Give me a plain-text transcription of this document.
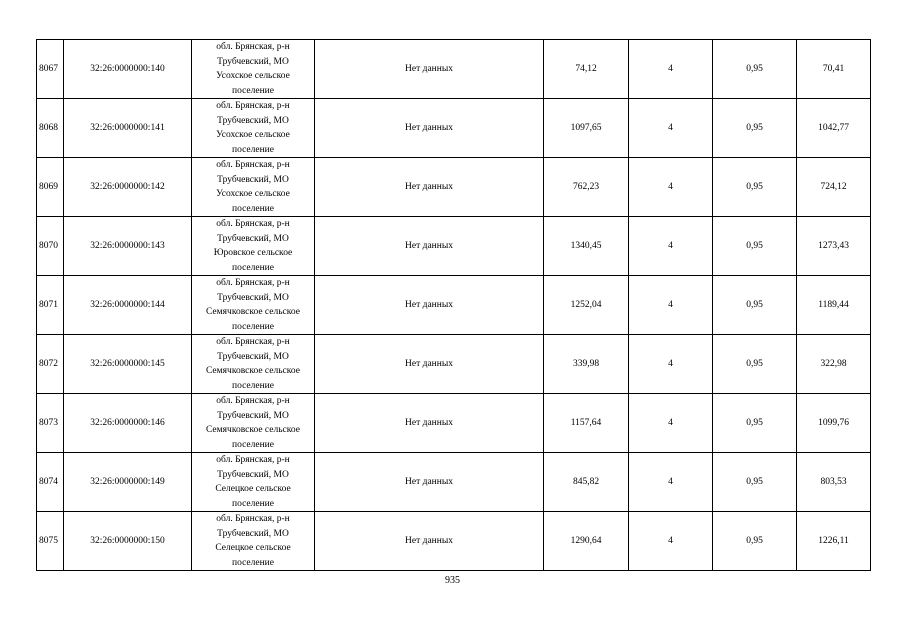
8067	32:26:0000000:140	обл. Брянская, р-н
Трубчевский, МО
Усохское сельское
поселение	Нет данных	74,12	4	0,95	70,41
8068	32:26:0000000:141	обл. Брянская, р-н
Трубчевский, МО
Усохское сельское
поселение	Нет данных	1097,65	4	0,95	1042,77
8069	32:26:0000000:142	обл. Брянская, р-н
Трубчевский, МО
Усохское сельское
поселение	Нет данных	762,23	4	0,95	724,12
8070	32:26:0000000:143	обл. Брянская, р-н
Трубчевский, МО
Юровское сельское
поселение	Нет данных	1340,45	4	0,95	1273,43
8071	32:26:0000000:144	обл. Брянская, р-н
Трубчевский, МО
Семячковское сельское
поселение	Нет данных	1252,04	4	0,95	1189,44
8072	32:26:0000000:145	обл. Брянская, р-н
Трубчевский, МО
Семячковское сельское
поселение	Нет данных	339,98	4	0,95	322,98
8073	32:26:0000000:146	обл. Брянская, р-н
Трубчевский, МО
Семячковское сельское
поселение	Нет данных	1157,64	4	0,95	1099,76
8074	32:26:0000000:149	обл. Брянская, р-н
Трубчевский, МО
Селецкое сельское
поселение	Нет данных	845,82	4	0,95	803,53
8075	32:26:0000000:150	обл. Брянская, р-н
Трубчевский, МО
Селецкое сельское
поселение	Нет данных	1290,64	4	0,95	1226,11
935
